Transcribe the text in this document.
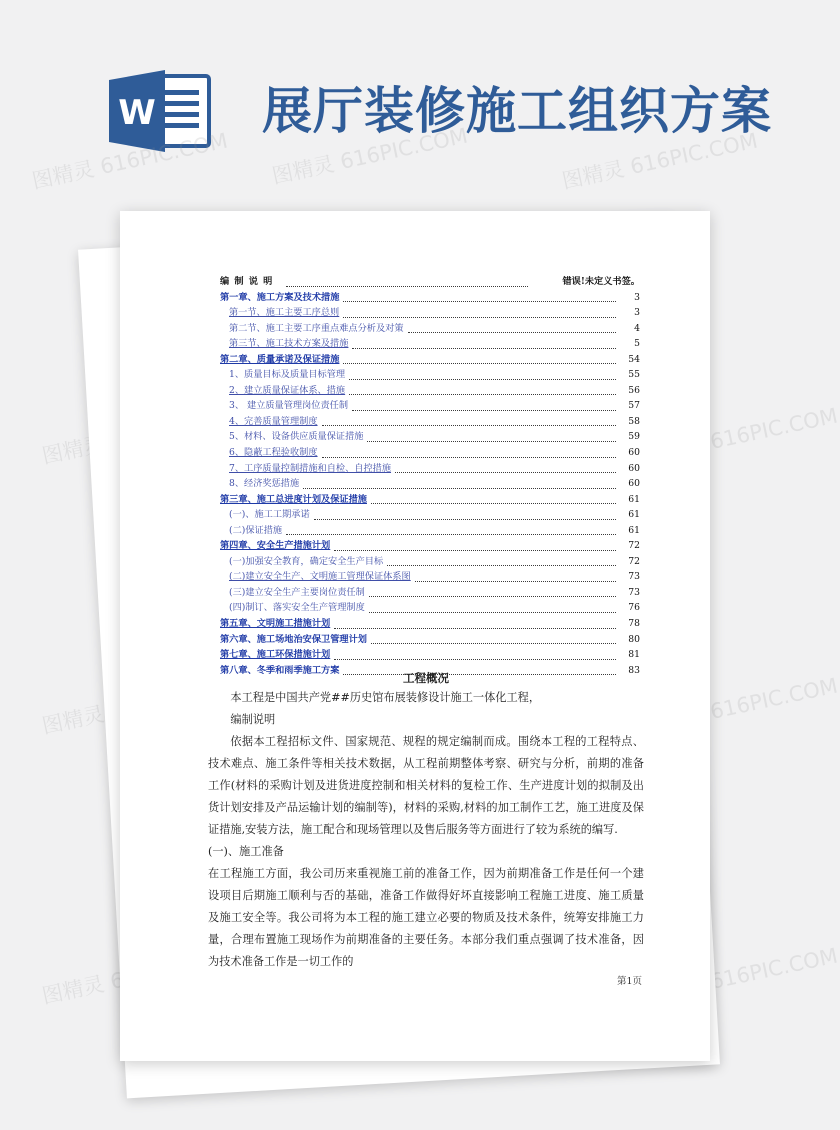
W 展厅装修施工组织方案
图精灵 616PIC.COM 图精灵 616PIC.COM	图精灵 616PIC.COM
图精灵	图精灵 616PIC.COM
图精灵	图精灵 616PIC.COM
图精灵	图精灵 616PIC.COM
编 制 说 明	错误!未定义书签。
第一章、施工方案及技术措施	3
第一节、施工主要工序总则	3
第二节、施工主要工序重点难点分析及对策	4
第三节、施工技术方案及措施	5
第二章、质量承诺及保证措施	54
1、质量目标及质量目标管理	55
2、建立质量保证体系、措施	56
3、 建立质量管理岗位责任制	57
4、完善质量管理制度	58
5、材料、设备供应质量保证措施	59
6、隐蔽工程验收制度	60
7、工序质量控制措施和自检、自控措施	60
8、经济奖惩措施	60
第三章、施工总进度计划及保证措施	61
(一)、施工工期承诺	61
(二)保证措施	61
第四章、安全生产措施计划	72
(一)加强安全教育，确定安全生产目标	72
(二)建立安全生产、文明施工管理保证体系图	73
(三)建立安全生产主要岗位责任制	73
(四)制订、落实安全生产管理制度	76
第五章、文明施工措施计划	78
第六章、施工场地治安保卫管理计划	80
第七章、施工环保措施计划	81
第八章、冬季和雨季施工方案	83

工程概况

本工程是中国共产党##历史馆布展装修设计施工一体化工程，

编制说明

依据本工程招标文件、国家规范、规程的规定编制而成。围绕本工程的工程特点、技术难点、施工条件等相关技术数据，从工程前期整体考察、研究与分析，前期的准备工作(材料的采购计划及进货进度控制和相关材料的复检工作、生产进度计划的拟制及出货计划安排及产品运输计划的编制等)，材料的采购,材料的加工制作工艺，施工进度及保证措施,安装方法，施工配合和现场管理以及售后服务等方面进行了较为系统的编写.

(一)、施工准备

在工程施工方面，我公司历来重视施工前的准备工作，因为前期准备工作是任何一个建设项目后期施工顺利与否的基础，准备工作做得好坏直接影响工程施工进度、施工质量及施工安全等。我公司将为本工程的施工建立必要的物质及技术条件，统筹安排施工力量，合理布置施工现场作为前期准备的主要任务。本部分我们重点强调了技术准备，因为技术准备工作是一切工作的

第1页
